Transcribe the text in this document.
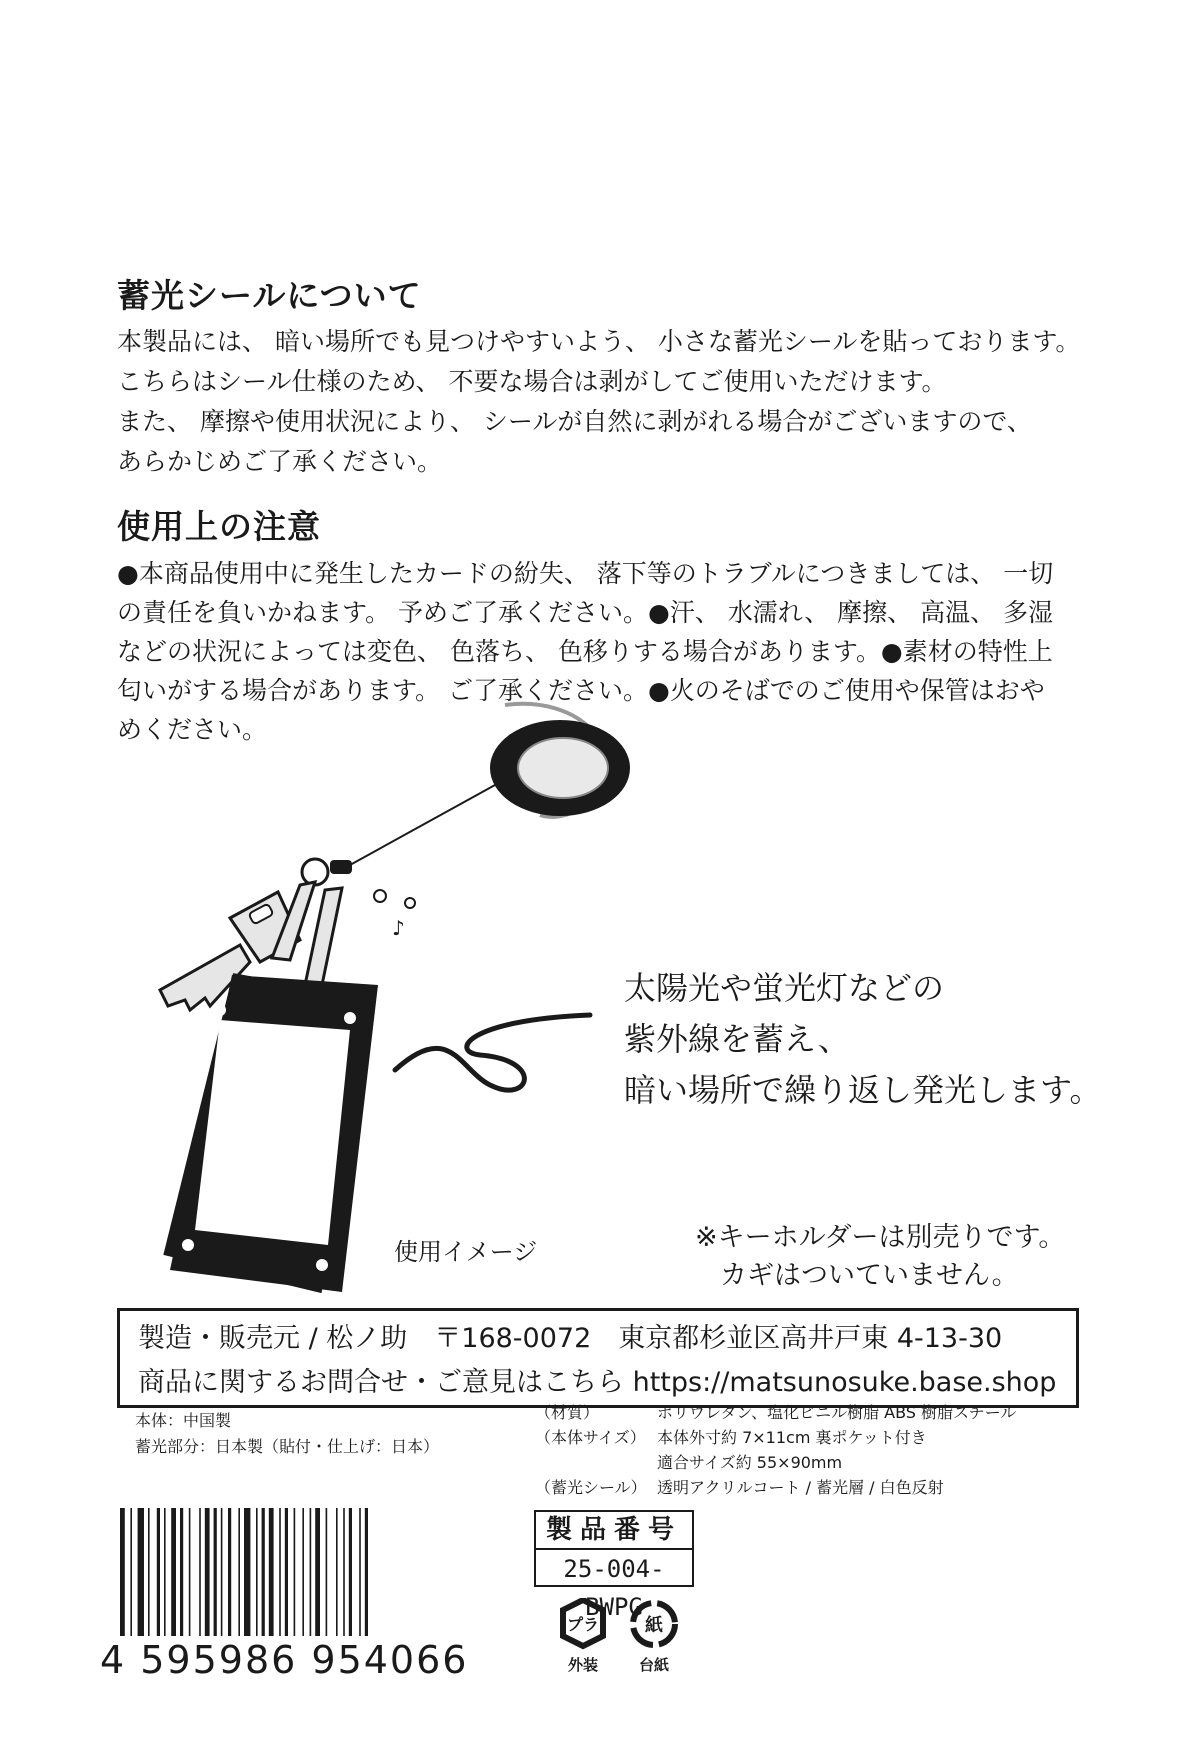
蓄光シールについて
本製品には、 暗い場所でも見つけやすいよう、 小さな蓄光シールを貼っております。
こちらはシール仕様のため、 不要な場合は剥がしてご使用いただけます。
また、 摩擦や使用状況により、 シールが自然に剥がれる場合がございますので、
あらかじめご了承ください。
使用上の注意
●本商品使用中に発生したカードの紛失、 落下等のトラブルにつきましては、 一切
の責任を負いかねます。 予めご了承ください。●汗、 水濡れ、 摩擦、 高温、 多湿
などの状況によっては変色、 色落ち、 色移りする場合があります。●素材の特性上
匂いがする場合があります。 ご了承ください。●火のそばでのご使用や保管はおや
めください。
♪
太陽光や蛍光灯などの
紫外線を蓄え、
暗い場所で繰り返し発光します。
使用イメージ	※キーホルダーは別売りです。
カギはついていません。
製造・販売元 / 松ノ助　〒168-0072　東京都杉並区高井戸東 4-13-30
商品に関するお問合せ・ご意見はこちら https://matsunosuke.base.shop
本体：中国製
蓄光部分：日本製（貼付・仕上げ：日本）
（材質）	ポリウレタン、塩化ビニル樹脂 ABS 樹脂スチール
（本体サイズ） 本体外寸約 7×11cm 裏ポケット付き
適合サイズ約 55×90mm
（蓄光シール） 透明アクリルコート / 蓄光層 / 白色反射
製品番号
25-004-BWPG
4 595986 954066
プラ
外装
紙
台紙
